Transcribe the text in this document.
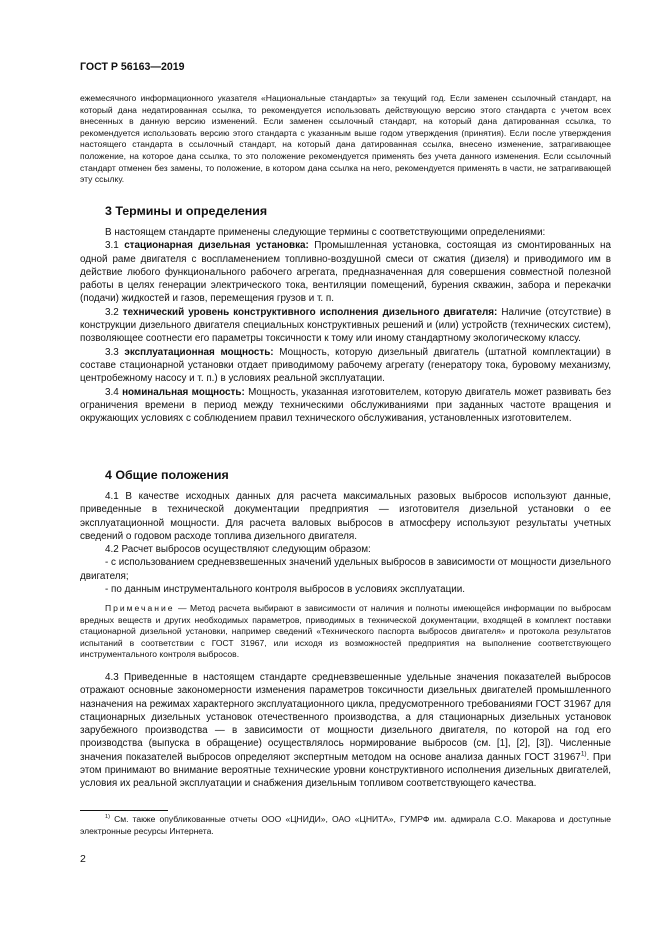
ГОСТ Р 56163—2019

ежемесячного информационного указателя «Национальные стандарты» за текущий год. Если заменен ссылочный стандарт, на который дана недатированная ссылка, то рекомендуется использовать действующую версию этого стандарта с учетом всех внесенных в данную версию изменений. Если заменен ссылочный стандарт, на который дана датированная ссылка, то рекомендуется использовать версию этого стандарта с указанным выше годом утверждения (принятия). Если после утверждения настоящего стандарта в ссылочный стандарт, на который дана датированная ссылка, внесено изменение, затрагивающее положение, на которое дана ссылка, то это положение рекомендуется применять без учета данного изменения. Если ссылочный стандарт отменен без замены, то положение, в котором дана ссылка на него, рекомендуется применять в части, не затрагивающей эту ссылку.

3 Термины и определения

В настоящем стандарте применены следующие термины с соответствующими определениями:

3.1 стационарная дизельная установка: Промышленная установка, состоящая из смонтированных на одной раме двигателя с воспламенением топливно-воздушной смеси от сжатия (дизеля) и приводимого им в действие любого функционального рабочего агрегата, предназначенная для совершения совместной полезной работы в целях генерации электрического тока, вентиляции помещений, бурения скважин, забора и перекачки (подачи) жидкостей и газов, перемещения грузов и т. п.

3.2 технический уровень конструктивного исполнения дизельного двигателя: Наличие (отсутствие) в конструкции дизельного двигателя специальных конструктивных решений и (или) устройств (технических систем), позволяющее соотнести его параметры токсичности к тому или иному стандартному экологическому классу.

3.3 эксплуатационная мощность: Мощность, которую дизельный двигатель (штатной комплектации) в составе стационарной установки отдает приводимому рабочему агрегату (генератору тока, буровому механизму, центробежному насосу и т. п.) в условиях реальной эксплуатации.

3.4 номинальная мощность: Мощность, указанная изготовителем, которую двигатель может развивать без ограничения времени в период между техническими обслуживаниями при заданных частоте вращения и окружающих условиях с соблюдением правил технического обслуживания, установленных изготовителем.

4 Общие положения

4.1 В качестве исходных данных для расчета максимальных разовых выбросов используют данные, приведенные в технической документации предприятия — изготовителя дизельной установки о ее эксплуатационной мощности. Для расчета валовых выбросов в атмосферу используют результаты учетных сведений о годовом расходе топлива дизельного двигателя.

4.2 Расчет выбросов осуществляют следующим образом:

- с использованием средневзвешенных значений удельных выбросов в зависимости от мощности дизельного двигателя;

- по данным инструментального контроля выбросов в условиях эксплуатации.

Примечание — Метод расчета выбирают в зависимости от наличия и полноты имеющейся информации по выбросам вредных веществ и других необходимых параметров, приводимых в технической документации, входящей в комплект поставки стационарной дизельной установки, например сведений «Технического паспорта выбросов двигателя» и протокола результатов испытаний в соответствии с ГОСТ 31967, или исходя из возможностей предприятия на выполнение соответствующего инструментального контроля выбросов.

4.3 Приведенные в настоящем стандарте средневзвешенные удельные значения показателей выбросов отражают основные закономерности изменения параметров токсичности дизельных двигателей промышленного назначения на режимах характерного эксплуатационного цикла, предусмотренного требованиями ГОСТ 31967 для стационарных дизельных установок отечественного производства, а для стационарных дизельных установок зарубежного производства — в зависимости от мощности дизельного двигателя, по которой на год его производства (выпуска в обращение) осуществлялось нормирование выбросов (см. [1], [2], [3]). Численные значения показателей выбросов определяют экспертным методом на основе анализа данных ГОСТ 31967$^{1)}$. При этом принимают во внимание вероятные технические уровни конструктивного исполнения дизельных двигателей, условия их реальной эксплуатации и снабжения дизельным топливом соответствующего качества.

$^{1)}$ См. также опубликованные отчеты ООО «ЦНИДИ», ОАО «ЦНИТА», ГУМРФ им. адмирала С.О. Макарова и доступные электронные ресурсы Интернета.

2
